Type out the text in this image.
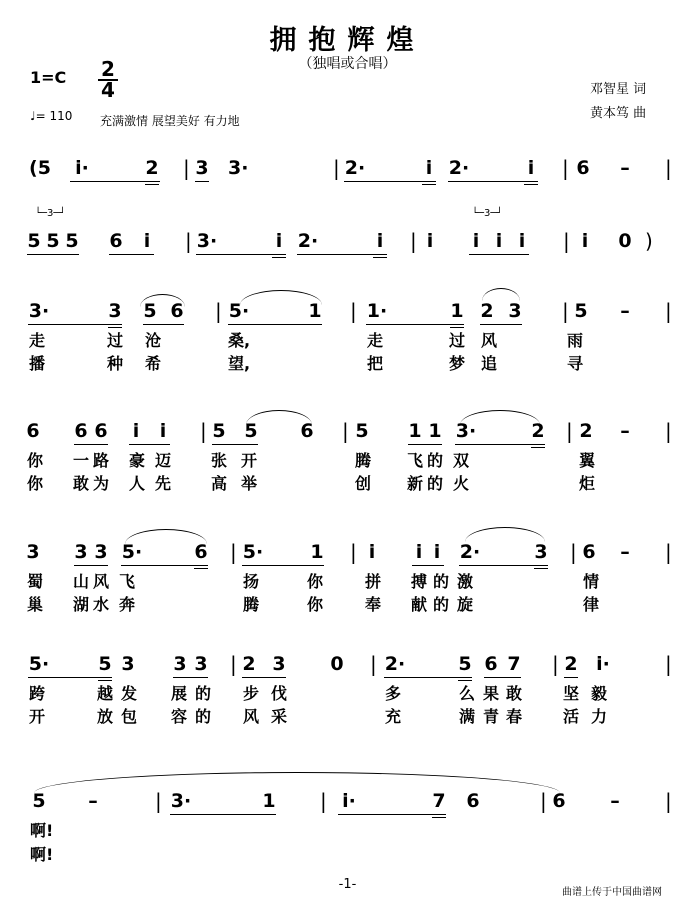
拥抱辉煌
（独唱或合唱）
1=C 2
4
♩= 110 充满激情 展望美好 有力地
邓智星 词
黄本笃 曲
(5 i·	2 | 3 3·	| 2·	i 2·	i | 6 – |
└─3─┘
5 5 5 6 i | 3·	i 2·	i | i
└─3─┘
i i i | i 0 )
3·	3 5 6 | 5·	1 | 1·	1 2 3 | 5 – |
走	过 沧	桑,	走	过 风	雨
播	种 希	望,	把	梦 追	寻
6 6 6 i i | 5 5 6 | 5 1 1 3·	2 | 2 – |
你 一 路 豪 迈 张 开	腾 飞 的 双	翼
你 敢 为 人 先 高 举	创 新 的 火	炬
3 3 3 5·	6 | 5· 1 | i i i 2·	3 | 6 – |
蜀 山 风 飞	扬	你	拼 搏 的 激	情
巢 湖 水 奔	腾	你	奉 献 的 旋	律
5·	5 3 3 3 | 2 3 0 | 2·	5 6 7 | 2 i·	|
跨	越 发 展 的 步 伐	多	么 果 敢	坚 毅
开	放 包 容 的 风 采	充	满 青 春	活 力
5 –	| 3·	1 | i·	7 6	| 6 – |
啊!
啊!
-1-
曲谱上传于中国曲谱网
